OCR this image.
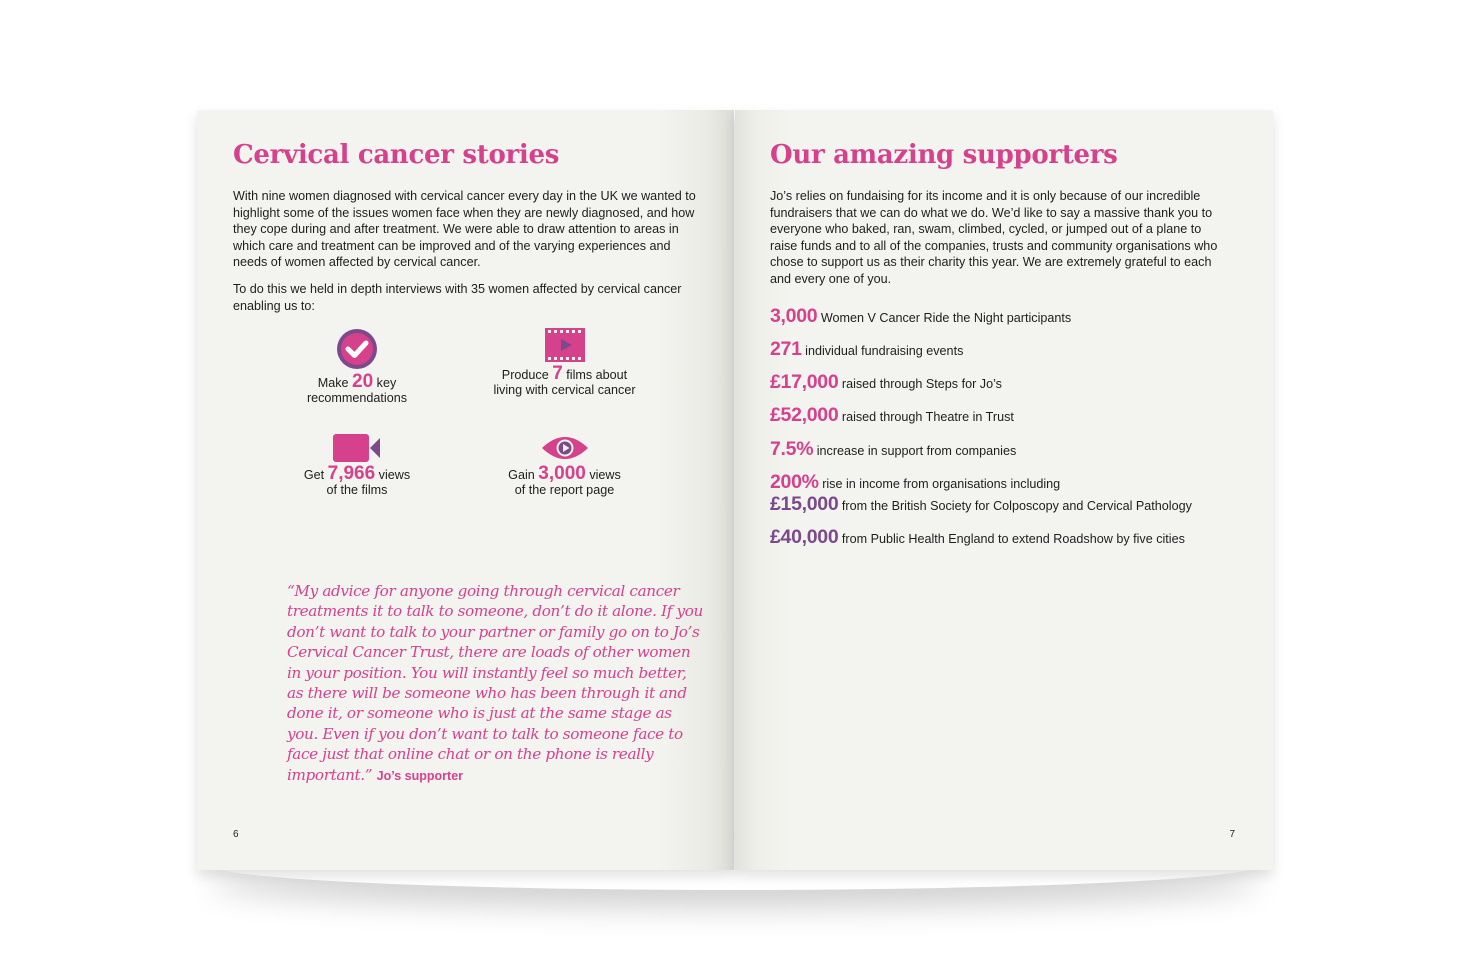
Cervical cancer stories

With nine women diagnosed with cervical cancer every day in the UK we wanted to highlight some of the issues women face when they are newly diagnosed, and how they cope during and after treatment. We were able to draw attention to areas in which care and treatment can be improved and of the varying experiences and needs of women affected by cervical cancer.

To do this we held in depth interviews with 35 women affected by cervical cancer enabling us to:

Make 20 key
recommendations
Produce 7 films about
living with cervical cancer
Get 7,966 views
of the films
Gain 3,000 views
of the report page

“My advice for anyone going through cervical cancer treatments it to talk to someone, don’t do it alone. If you don’t want to talk to your partner or family go on to Jo’s Cervical Cancer Trust, there are loads of other women in your position. You will instantly feel so much better, as there will be someone who has been through it and done it, or someone who is just at the same stage as you. Even if you don’t want to talk to someone face to face just that online chat or on the phone is really important.” Jo’s supporter

6
Our amazing supporters

Jo’s relies on fundaising for its income and it is only because of our incredible fundraisers that we can do what we do. We’d like to say a massive thank you to everyone who baked, ran, swam, climbed, cycled, or jumped out of a plane to raise funds and to all of the companies, trusts and community organisations who chose to support us as their charity this year. We are extremely grateful to each and every one of you.

3,000 Women V Cancer Ride the Night participants
271 individual fundraising events
£17,000 raised through Steps for Jo’s
£52,000 raised through Theatre in Trust
7.5% increase in support from companies
200% rise in income from organisations including
£15,000 from the British Society for Colposcopy and Cervical Pathology
£40,000 from Public Health England to extend Roadshow by five cities
7
